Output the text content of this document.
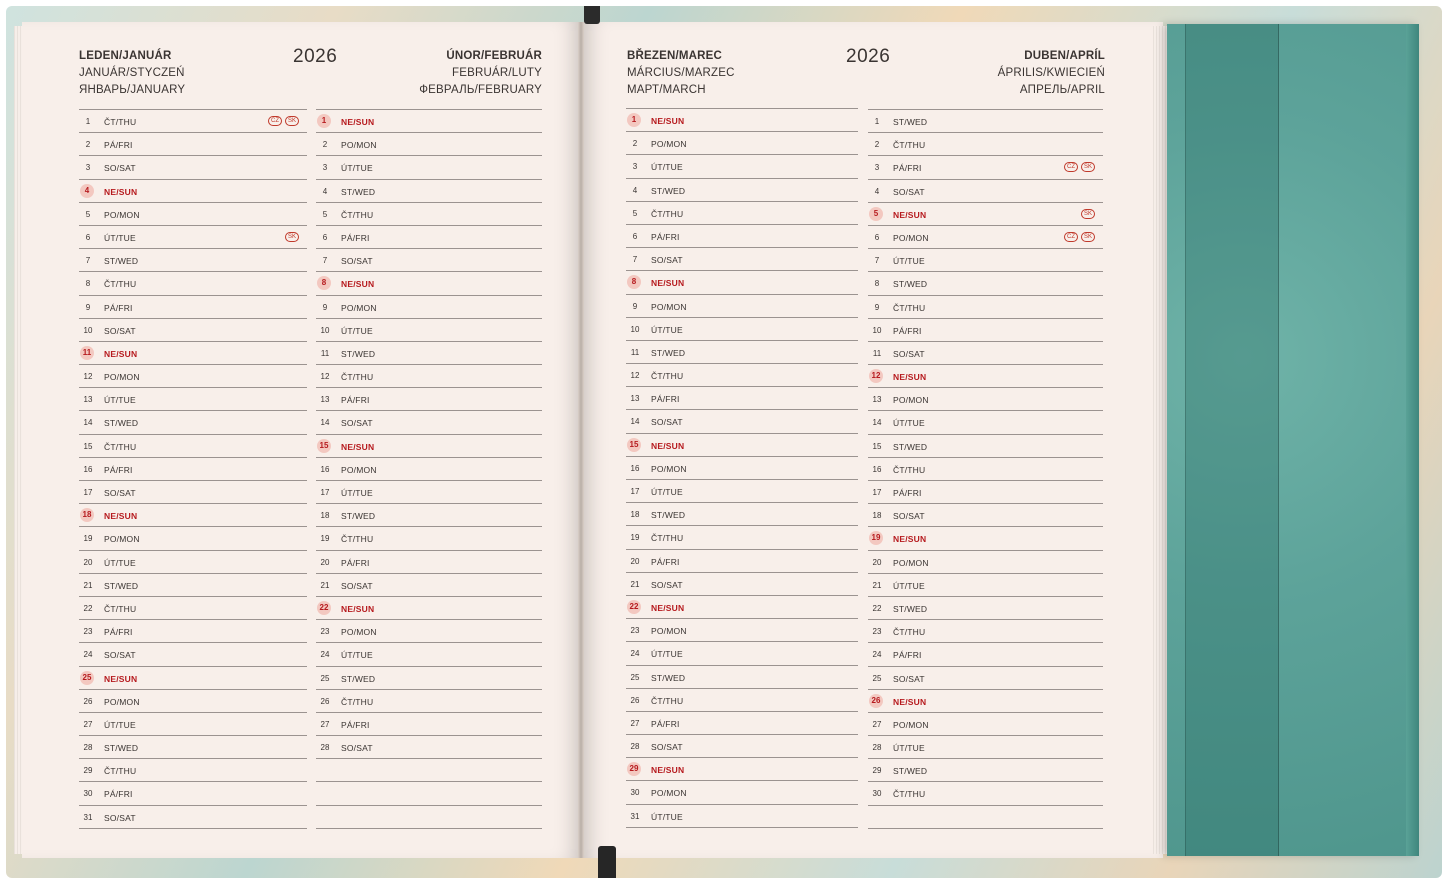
LEDEN/JANUÁR
JANUÁR/STYCZEŃ
ЯНВАРЬ/JANUARY
2026	ÚNOR/FEBRUÁR
FEBRUÁR/LUTY
ФЕВРАЛЬ/FEBRUARY
BŘEZEN/MAREC
MÁRCIUS/MARZEC
МАРТ/MARCH
2026	DUBEN/APRÍL
ÁPRILIS/KWIECIEŃ
АПРЕЛЬ/APRIL
1	ČT/THU	CZ	SK
2	PÁ/FRI
3	SO/SAT
4	NE/SUN
5	PO/MON
6	ÚT/TUE	SK
7	ST/WED
8	ČT/THU
9	PÁ/FRI
10 SO/SAT
11	NE/SUN
12 PO/MON
13 ÚT/TUE
14 ST/WED
15 ČT/THU
16 PÁ/FRI
17 SO/SAT
18 NE/SUN
19 PO/MON
20 ÚT/TUE
21 ST/WED
22 ČT/THU
23 PÁ/FRI
24 SO/SAT
25 NE/SUN
26 PO/MON
27 ÚT/TUE
28 ST/WED
29 ČT/THU
30 PÁ/FRI
31 SO/SAT
1	NE/SUN
2	PO/MON
3	ÚT/TUE
4	ST/WED
5	ČT/THU
6	PÁ/FRI
7	SO/SAT
8	NE/SUN
9	PO/MON
10 ÚT/TUE
11	ST/WED
12 ČT/THU
13 PÁ/FRI
14 SO/SAT
15 NE/SUN
16 PO/MON
17 ÚT/TUE
18 ST/WED
19 ČT/THU
20 PÁ/FRI
21 SO/SAT
22 NE/SUN
23 PO/MON
24 ÚT/TUE
25 ST/WED
26 ČT/THU
27 PÁ/FRI
28 SO/SAT
1	NE/SUN
2	PO/MON
3	ÚT/TUE
4	ST/WED
5	ČT/THU
6	PÁ/FRI
7	SO/SAT
8	NE/SUN
9	PO/MON
10 ÚT/TUE
11	ST/WED
12 ČT/THU
13 PÁ/FRI
14 SO/SAT
15 NE/SUN
16 PO/MON
17 ÚT/TUE
18 ST/WED
19 ČT/THU
20 PÁ/FRI
21 SO/SAT
22 NE/SUN
23 PO/MON
24 ÚT/TUE
25 ST/WED
26 ČT/THU
27 PÁ/FRI
28 SO/SAT
29 NE/SUN
30 PO/MON
31 ÚT/TUE
1	ST/WED
2	ČT/THU
3	PÁ/FRI	CZ	SK
4	SO/SAT
5	NE/SUN	SK
6	PO/MON	CZ	SK
7	ÚT/TUE
8	ST/WED
9	ČT/THU
10 PÁ/FRI
11	SO/SAT
12 NE/SUN
13 PO/MON
14 ÚT/TUE
15 ST/WED
16 ČT/THU
17 PÁ/FRI
18 SO/SAT
19 NE/SUN
20 PO/MON
21 ÚT/TUE
22 ST/WED
23 ČT/THU
24 PÁ/FRI
25 SO/SAT
26 NE/SUN
27 PO/MON
28 ÚT/TUE
29 ST/WED
30 ČT/THU
